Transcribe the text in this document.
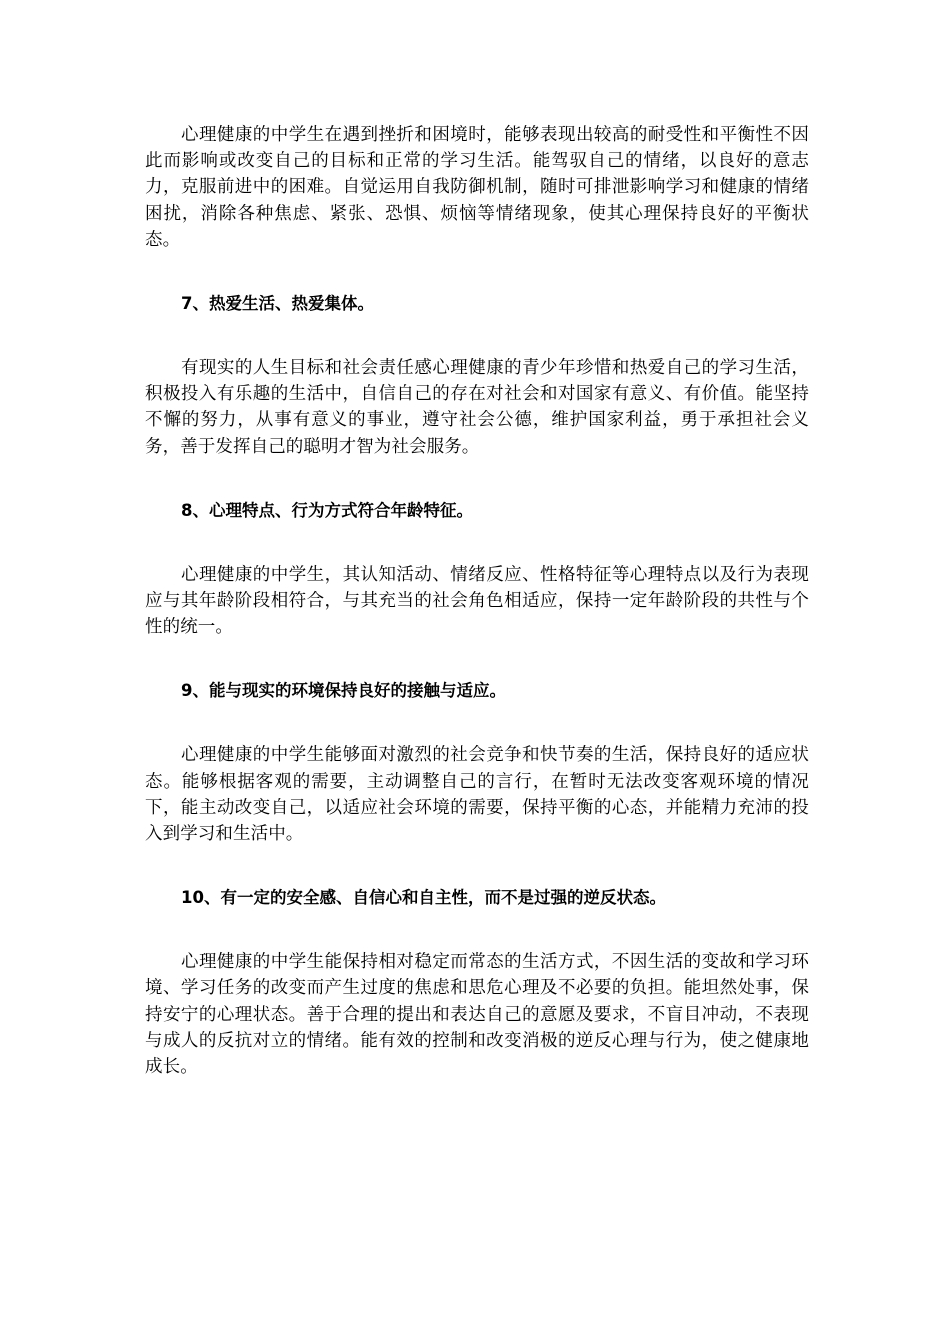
心理健康的中学生在遇到挫折和困境时，能够表现出较高的耐受性和平衡性不因此而影响或改变自己的目标和正常的学习生活。能驾驭自己的情绪，以良好的意志力，克服前进中的困难。自觉运用自我防御机制，随时可排泄影响学习和健康的情绪困扰，消除各种焦虑、紧张、恐惧、烦恼等情绪现象，使其心理保持良好的平衡状态。

7、热爱生活、热爱集体。

有现实的人生目标和社会责任感心理健康的青少年珍惜和热爱自己的学习生活，积极投入有乐趣的生活中，自信自己的存在对社会和对国家有意义、有价值。能坚持不懈的努力，从事有意义的事业，遵守社会公德，维护国家利益，勇于承担社会义务，善于发挥自己的聪明才智为社会服务。

8、心理特点、行为方式符合年龄特征。

心理健康的中学生，其认知活动、情绪反应、性格特征等心理特点以及行为表现应与其年龄阶段相符合，与其充当的社会角色相适应，保持一定年龄阶段的共性与个性的统一。

9、能与现实的环境保持良好的接触与适应。

心理健康的中学生能够面对激烈的社会竞争和快节奏的生活，保持良好的适应状态。能够根据客观的需要，主动调整自己的言行，在暂时无法改变客观环境的情况下，能主动改变自己，以适应社会环境的需要，保持平衡的心态，并能精力充沛的投入到学习和生活中。

10、有一定的安全感、自信心和自主性，而不是过强的逆反状态。

心理健康的中学生能保持相对稳定而常态的生活方式，不因生活的变故和学习环境、学习任务的改变而产生过度的焦虑和思危心理及不必要的负担。能坦然处事，保持安宁的心理状态。善于合理的提出和表达自己的意愿及要求，不盲目冲动，不表现与成人的反抗对立的情绪。能有效的控制和改变消极的逆反心理与行为，使之健康地成长。
